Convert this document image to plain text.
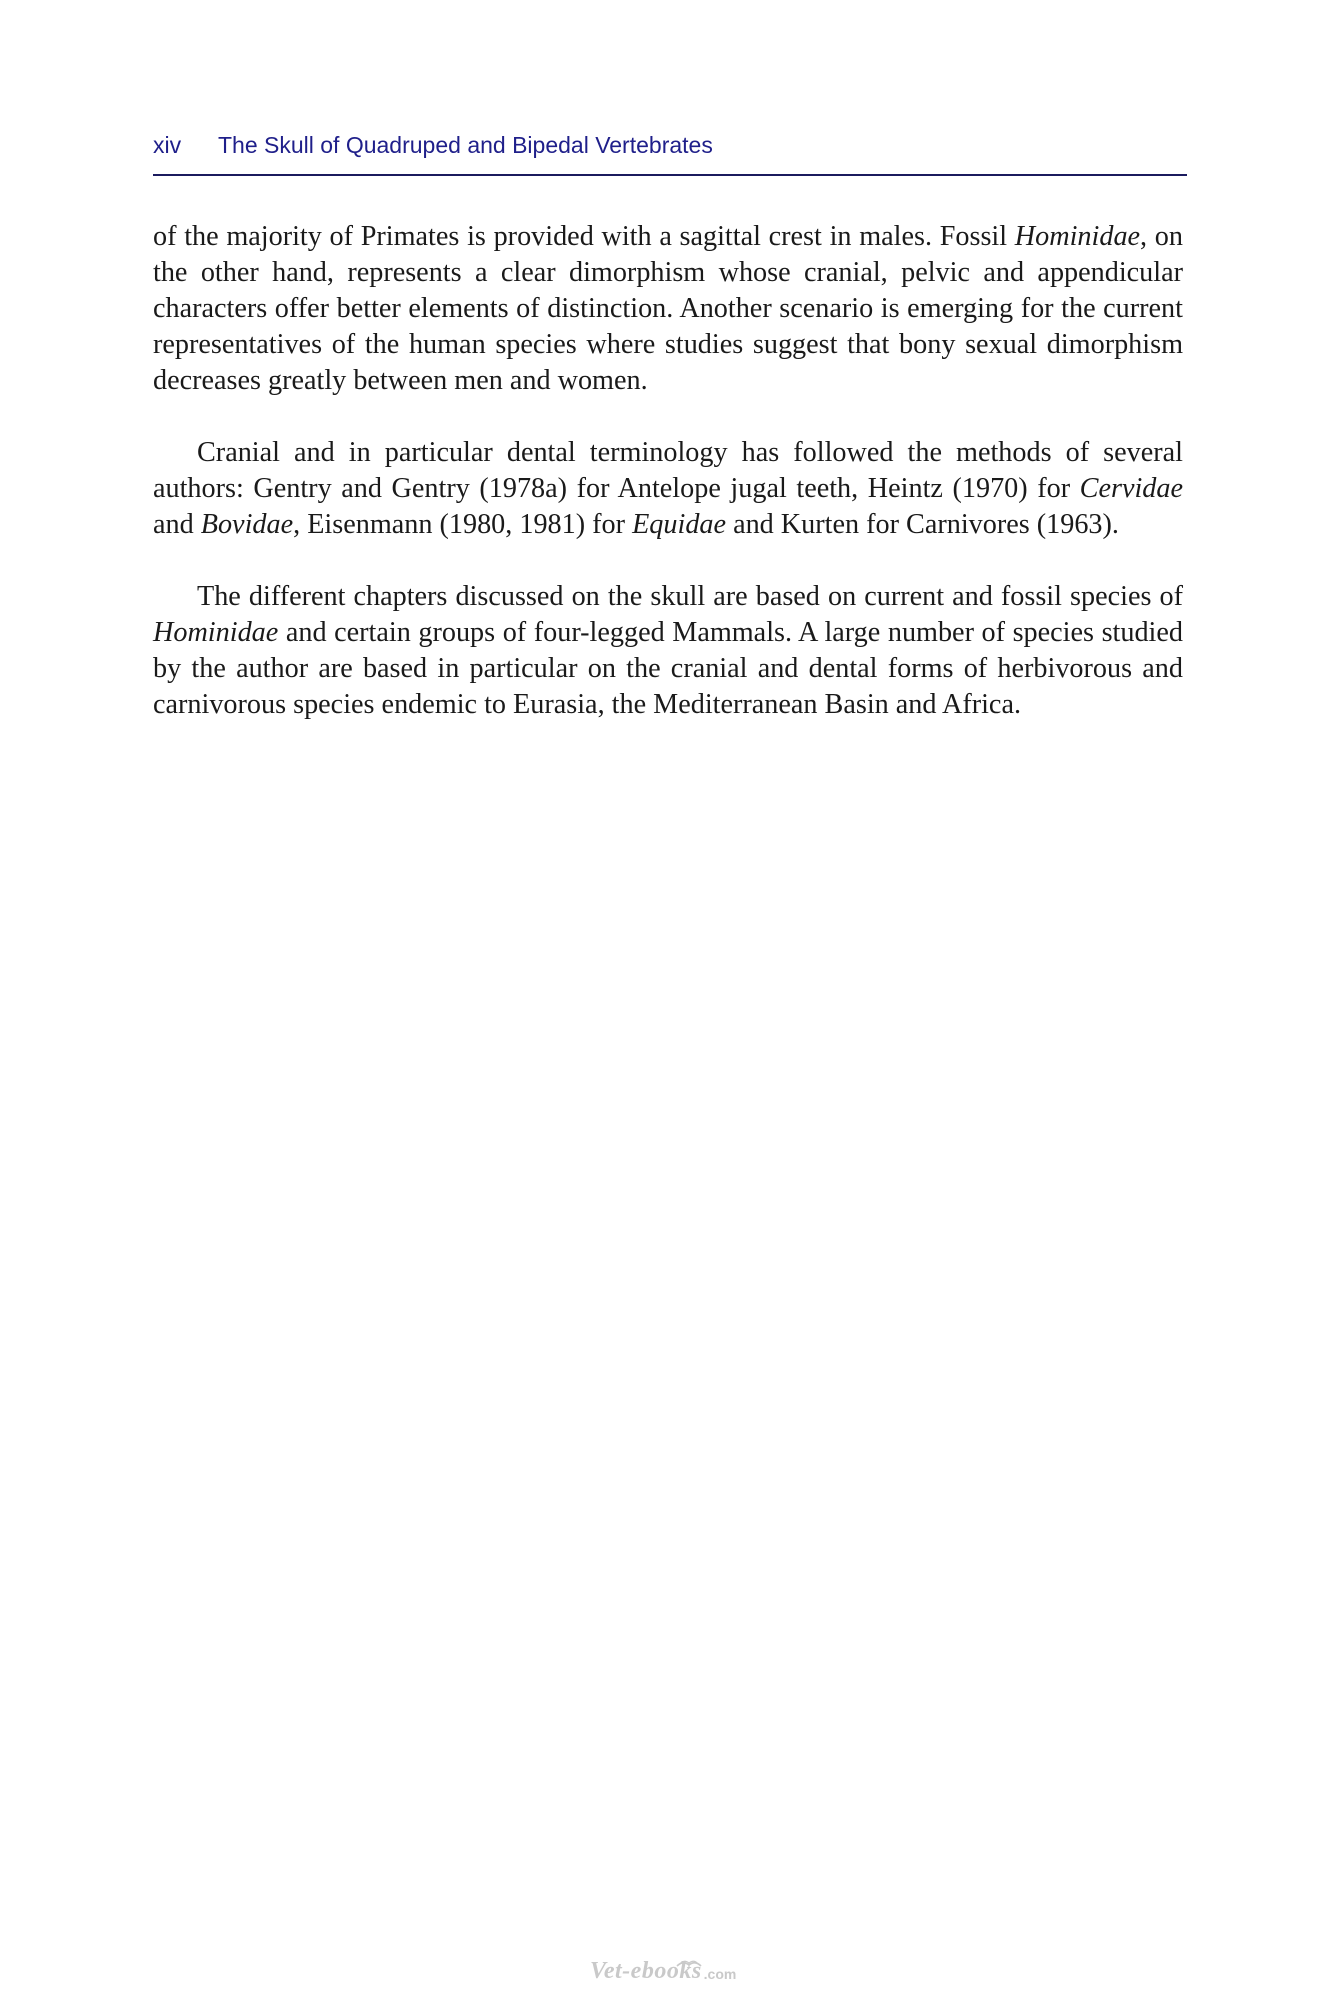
xiv The Skull of Quadruped and Bipedal Vertebrates

of the majority of Primates is provided with a sagittal crest in males. Fossil Hominidae, on the other hand, represents a clear dimorphism whose cranial, pelvic and appendicular characters offer better elements of distinction. Another scenario is emerging for the current representatives of the human species where studies suggest that bony sexual dimorphism decreases greatly between men and women.

Cranial and in particular dental terminology has followed the methods of several authors: Gentry and Gentry (1978a) for Antelope jugal teeth, Heintz (1970) for Cervidae and Bovidae, Eisenmann (1980, 1981) for Equidae and Kurten for Carnivores (1963).

The different chapters discussed on the skull are based on current and fossil species of Hominidae and certain groups of four-legged Mammals. A large number of species studied by the author are based in particular on the cranial and dental forms of herbivorous and carnivorous species endemic to Eurasia, the Mediterranean Basin and Africa.

Vet-ebooks .com
